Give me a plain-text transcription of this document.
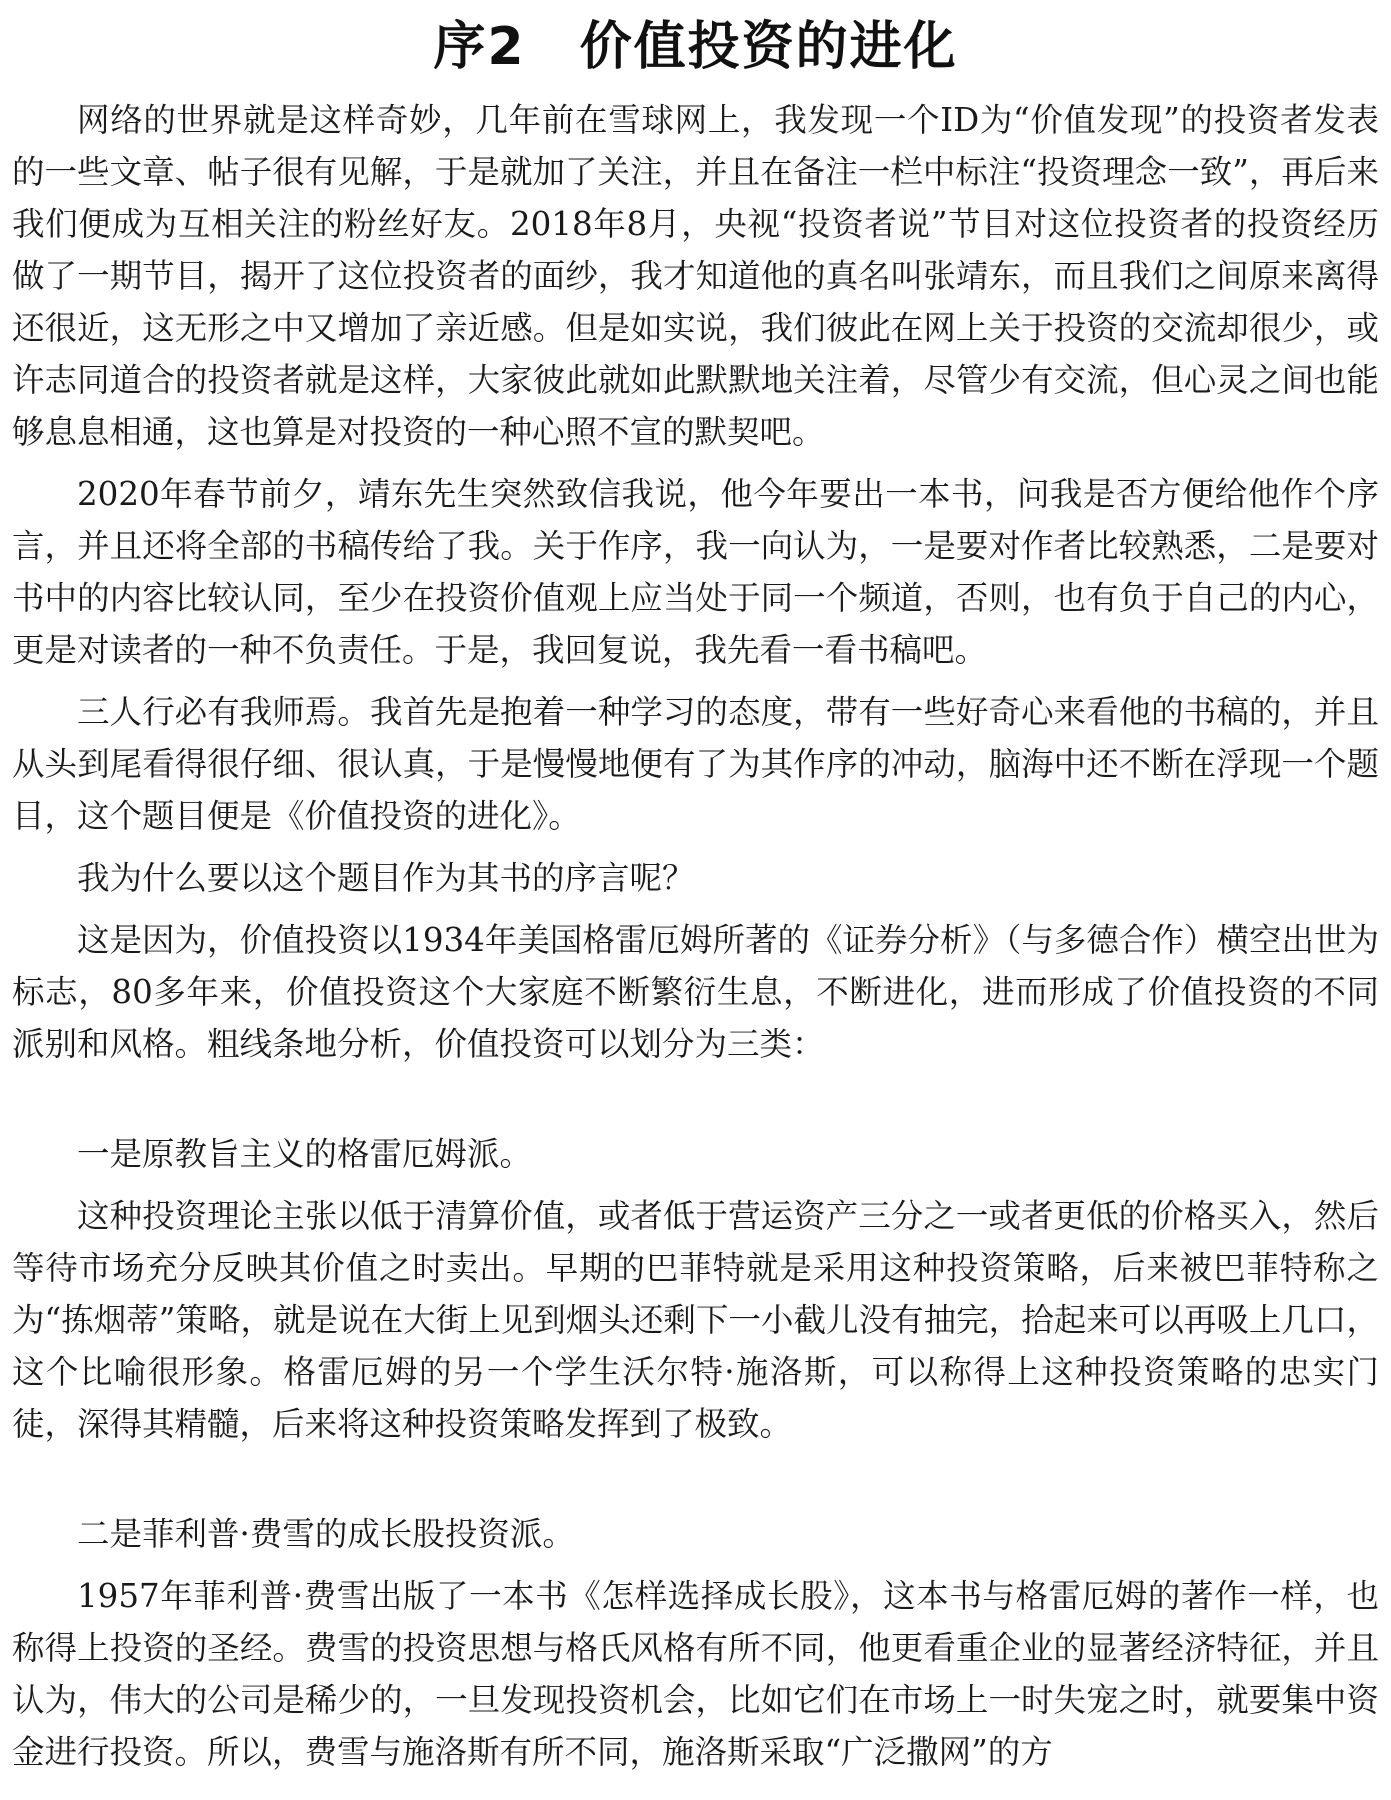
序2　价值投资的进化

网络的世界就是这样奇妙，几年前在雪球网上，我发现一个ID为“价值发现”的投资者发表的一些文章、帖子很有见解，于是就加了关注，并且在备注一栏中标注“投资理念一致”，再后来我们便成为互相关注的粉丝好友。2018年8月，央视“投资者说”节目对这位投资者的投资经历做了一期节目，揭开了这位投资者的面纱，我才知道他的真名叫张靖东，而且我们之间原来离得还很近，这无形之中又增加了亲近感。但是如实说，我们彼此在网上关于投资的交流却很少，或许志同道合的投资者就是这样，大家彼此就如此默默地关注着，尽管少有交流，但心灵之间也能够息息相通，这也算是对投资的一种心照不宣的默契吧。

2020年春节前夕，靖东先生突然致信我说，他今年要出一本书，问我是否方便给他作个序言，并且还将全部的书稿传给了我。关于作序，我一向认为，一是要对作者比较熟悉，二是要对书中的内容比较认同，至少在投资价值观上应当处于同一个频道，否则，也有负于自己的内心，更是对读者的一种不负责任。于是，我回复说，我先看一看书稿吧。

三人行必有我师焉。我首先是抱着一种学习的态度，带有一些好奇心来看他的书稿的，并且从头到尾看得很仔细、很认真，于是慢慢地便有了为其作序的冲动，脑海中还不断在浮现一个题目，这个题目便是《价值投资的进化》。

我为什么要以这个题目作为其书的序言呢？

这是因为，价值投资以1934年美国格雷厄姆所著的《证券分析》（与多德合作）横空出世为标志，80多年来，价值投资这个大家庭不断繁衍生息，不断进化，进而形成了价值投资的不同派别和风格。粗线条地分析，价值投资可以划分为三类：

一是原教旨主义的格雷厄姆派。

这种投资理论主张以低于清算价值，或者低于营运资产三分之一或者更低的价格买入，然后等待市场充分反映其价值之时卖出。早期的巴菲特就是采用这种投资策略，后来被巴菲特称之为“拣烟蒂”策略，就是说在大街上见到烟头还剩下一小截儿没有抽完，拾起来可以再吸上几口，这个比喻很形象。格雷厄姆的另一个学生沃尔特·施洛斯，可以称得上这种投资策略的忠实门徒，深得其精髓，后来将这种投资策略发挥到了极致。

二是菲利普·费雪的成长股投资派。

1957年菲利普·费雪出版了一本书《怎样选择成长股》，这本书与格雷厄姆的著作一样，也称得上投资的圣经。费雪的投资思想与格氏风格有所不同，他更看重企业的显著经济特征，并且认为，伟大的公司是稀少的，一旦发现投资机会，比如它们在市场上一时失宠之时，就要集中资金进行投资。所以，费雪与施洛斯有所不同，施洛斯采取“广泛撒网”的方
